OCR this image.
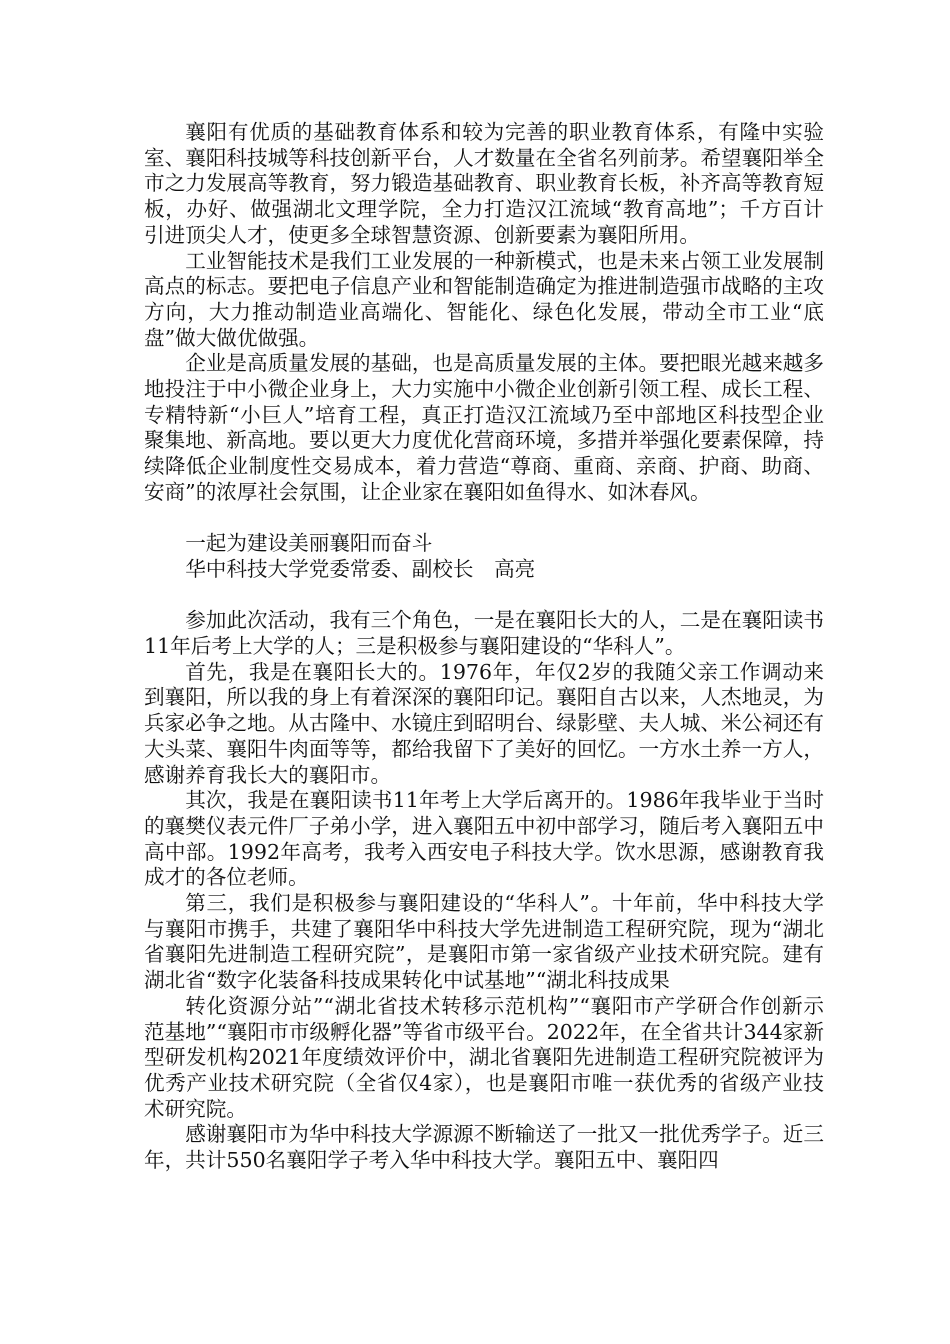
襄阳有优质的基础教育体系和较为完善的职业教育体系，有隆中实验室、襄阳科技城等科技创新平台，人才数量在全省名列前茅。希望襄阳举全市之力发展高等教育，努力锻造基础教育、职业教育长板，补齐高等教育短板，办好、做强湖北文理学院，全力打造汉江流域“教育高地”；千方百计引进顶尖人才，使更多全球智慧资源、创新要素为襄阳所用。

工业智能技术是我们工业发展的一种新模式，也是未来占领工业发展制高点的标志。要把电子信息产业和智能制造确定为推进制造强市战略的主攻方向，大力推动制造业高端化、智能化、绿色化发展，带动全市工业“底盘”做大做优做强。

企业是高质量发展的基础，也是高质量发展的主体。要把眼光越来越多地投注于中小微企业身上，大力实施中小微企业创新引领工程、成长工程、专精特新“小巨人”培育工程，真正打造汉江流域乃至中部地区科技型企业聚集地、新高地。要以更大力度优化营商环境，多措并举强化要素保障，持续降低企业制度性交易成本，着力营造“尊商、重商、亲商、护商、助商、安商”的浓厚社会氛围，让企业家在襄阳如鱼得水、如沐春风。

一起为建设美丽襄阳而奋斗

华中科技大学党委常委、副校长　高亮

参加此次活动，我有三个角色，一是在襄阳长大的人，二是在襄阳读书11年后考上大学的人；三是积极参与襄阳建设的“华科人”。

首先，我是在襄阳长大的。1976年，年仅2岁的我随父亲工作调动来到襄阳，所以我的身上有着深深的襄阳印记。襄阳自古以来，人杰地灵，为兵家必争之地。从古隆中、水镜庄到昭明台、绿影壁、夫人城、米公祠还有大头菜、襄阳牛肉面等等，都给我留下了美好的回忆。一方水土养一方人，感谢养育我长大的襄阳市。

其次，我是在襄阳读书11年考上大学后离开的。1986年我毕业于当时的襄樊仪表元件厂子弟小学，进入襄阳五中初中部学习，随后考入襄阳五中高中部。1992年高考，我考入西安电子科技大学。饮水思源，感谢教育我成才的各位老师。

第三，我们是积极参与襄阳建设的“华科人”。十年前，华中科技大学与襄阳市携手，共建了襄阳华中科技大学先进制造工程研究院，现为“湖北省襄阳先进制造工程研究院”，是襄阳市第一家省级产业技术研究院。建有湖北省“数字化装备科技成果转化中试基地”“湖北科技成果

转化资源分站”“湖北省技术转移示范机构”“襄阳市产学研合作创新示范基地”“襄阳市市级孵化器”等省市级平台。2022年，在全省共计344家新型研发机构2021年度绩效评价中，湖北省襄阳先进制造工程研究院被评为优秀产业技术研究院（全省仅4家），也是襄阳市唯一获优秀的省级产业技术研究院。

感谢襄阳市为华中科技大学源源不断输送了一批又一批优秀学子。近三年，共计550名襄阳学子考入华中科技大学。襄阳五中、襄阳四
